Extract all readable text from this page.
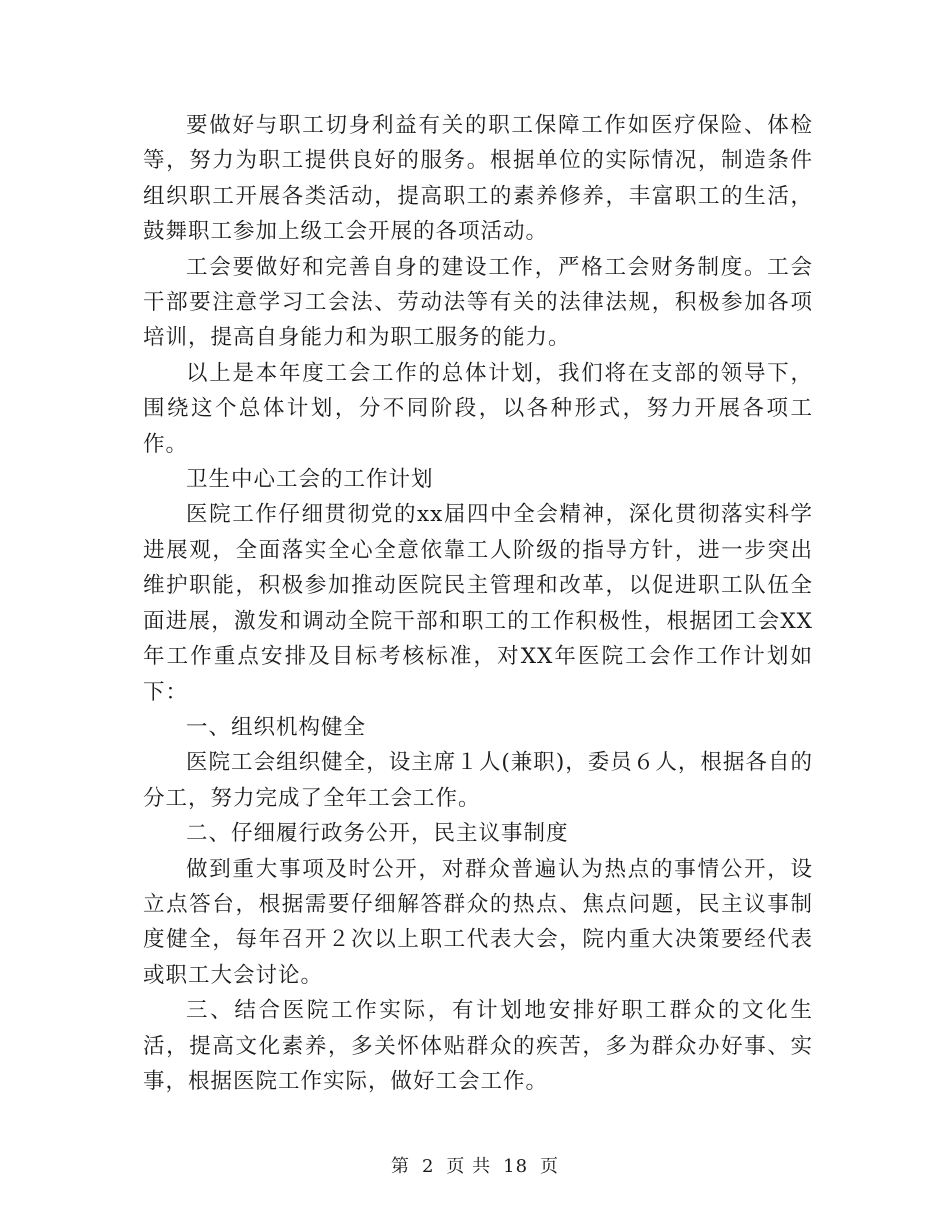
要做好与职工切身利益有关的职工保障工作如医疗保险、体检等，努力为职工提供良好的服务。根据单位的实际情况，制造条件组织职工开展各类活动，提高职工的素养修养，丰富职工的生活，鼓舞职工参加上级工会开展的各项活动。

工会要做好和完善自身的建设工作，严格工会财务制度。工会干部要注意学习工会法、劳动法等有关的法律法规，积极参加各项培训，提高自身能力和为职工服务的能力。

以上是本年度工会工作的总体计划，我们将在支部的领导下，围绕这个总体计划，分不同阶段，以各种形式，努力开展各项工作。

卫生中心工会的工作计划

医院工作仔细贯彻党的xx届四中全会精神，深化贯彻落实科学进展观，全面落实全心全意依靠工人阶级的指导方针，进一步突出维护职能，积极参加推动医院民主管理和改革，以促进职工队伍全面进展，激发和调动全院干部和职工的工作积极性，根据团工会XX年工作重点安排及目标考核标准，对XX年医院工会作工作计划如下：

一、组织机构健全

医院工会组织健全，设主席１人(兼职)，委员６人，根据各自的分工，努力完成了全年工会工作。

二、仔细履行政务公开，民主议事制度

做到重大事项及时公开，对群众普遍认为热点的事情公开，设立点答台，根据需要仔细解答群众的热点、焦点问题，民主议事制度健全，每年召开２次以上职工代表大会，院内重大决策要经代表或职工大会讨论。

三、结合医院工作实际，有计划地安排好职工群众的文化生活，提高文化素养，多关怀体贴群众的疾苦，多为群众办好事、实事，根据医院工作实际，做好工会工作。

第 2 页 共 18 页
